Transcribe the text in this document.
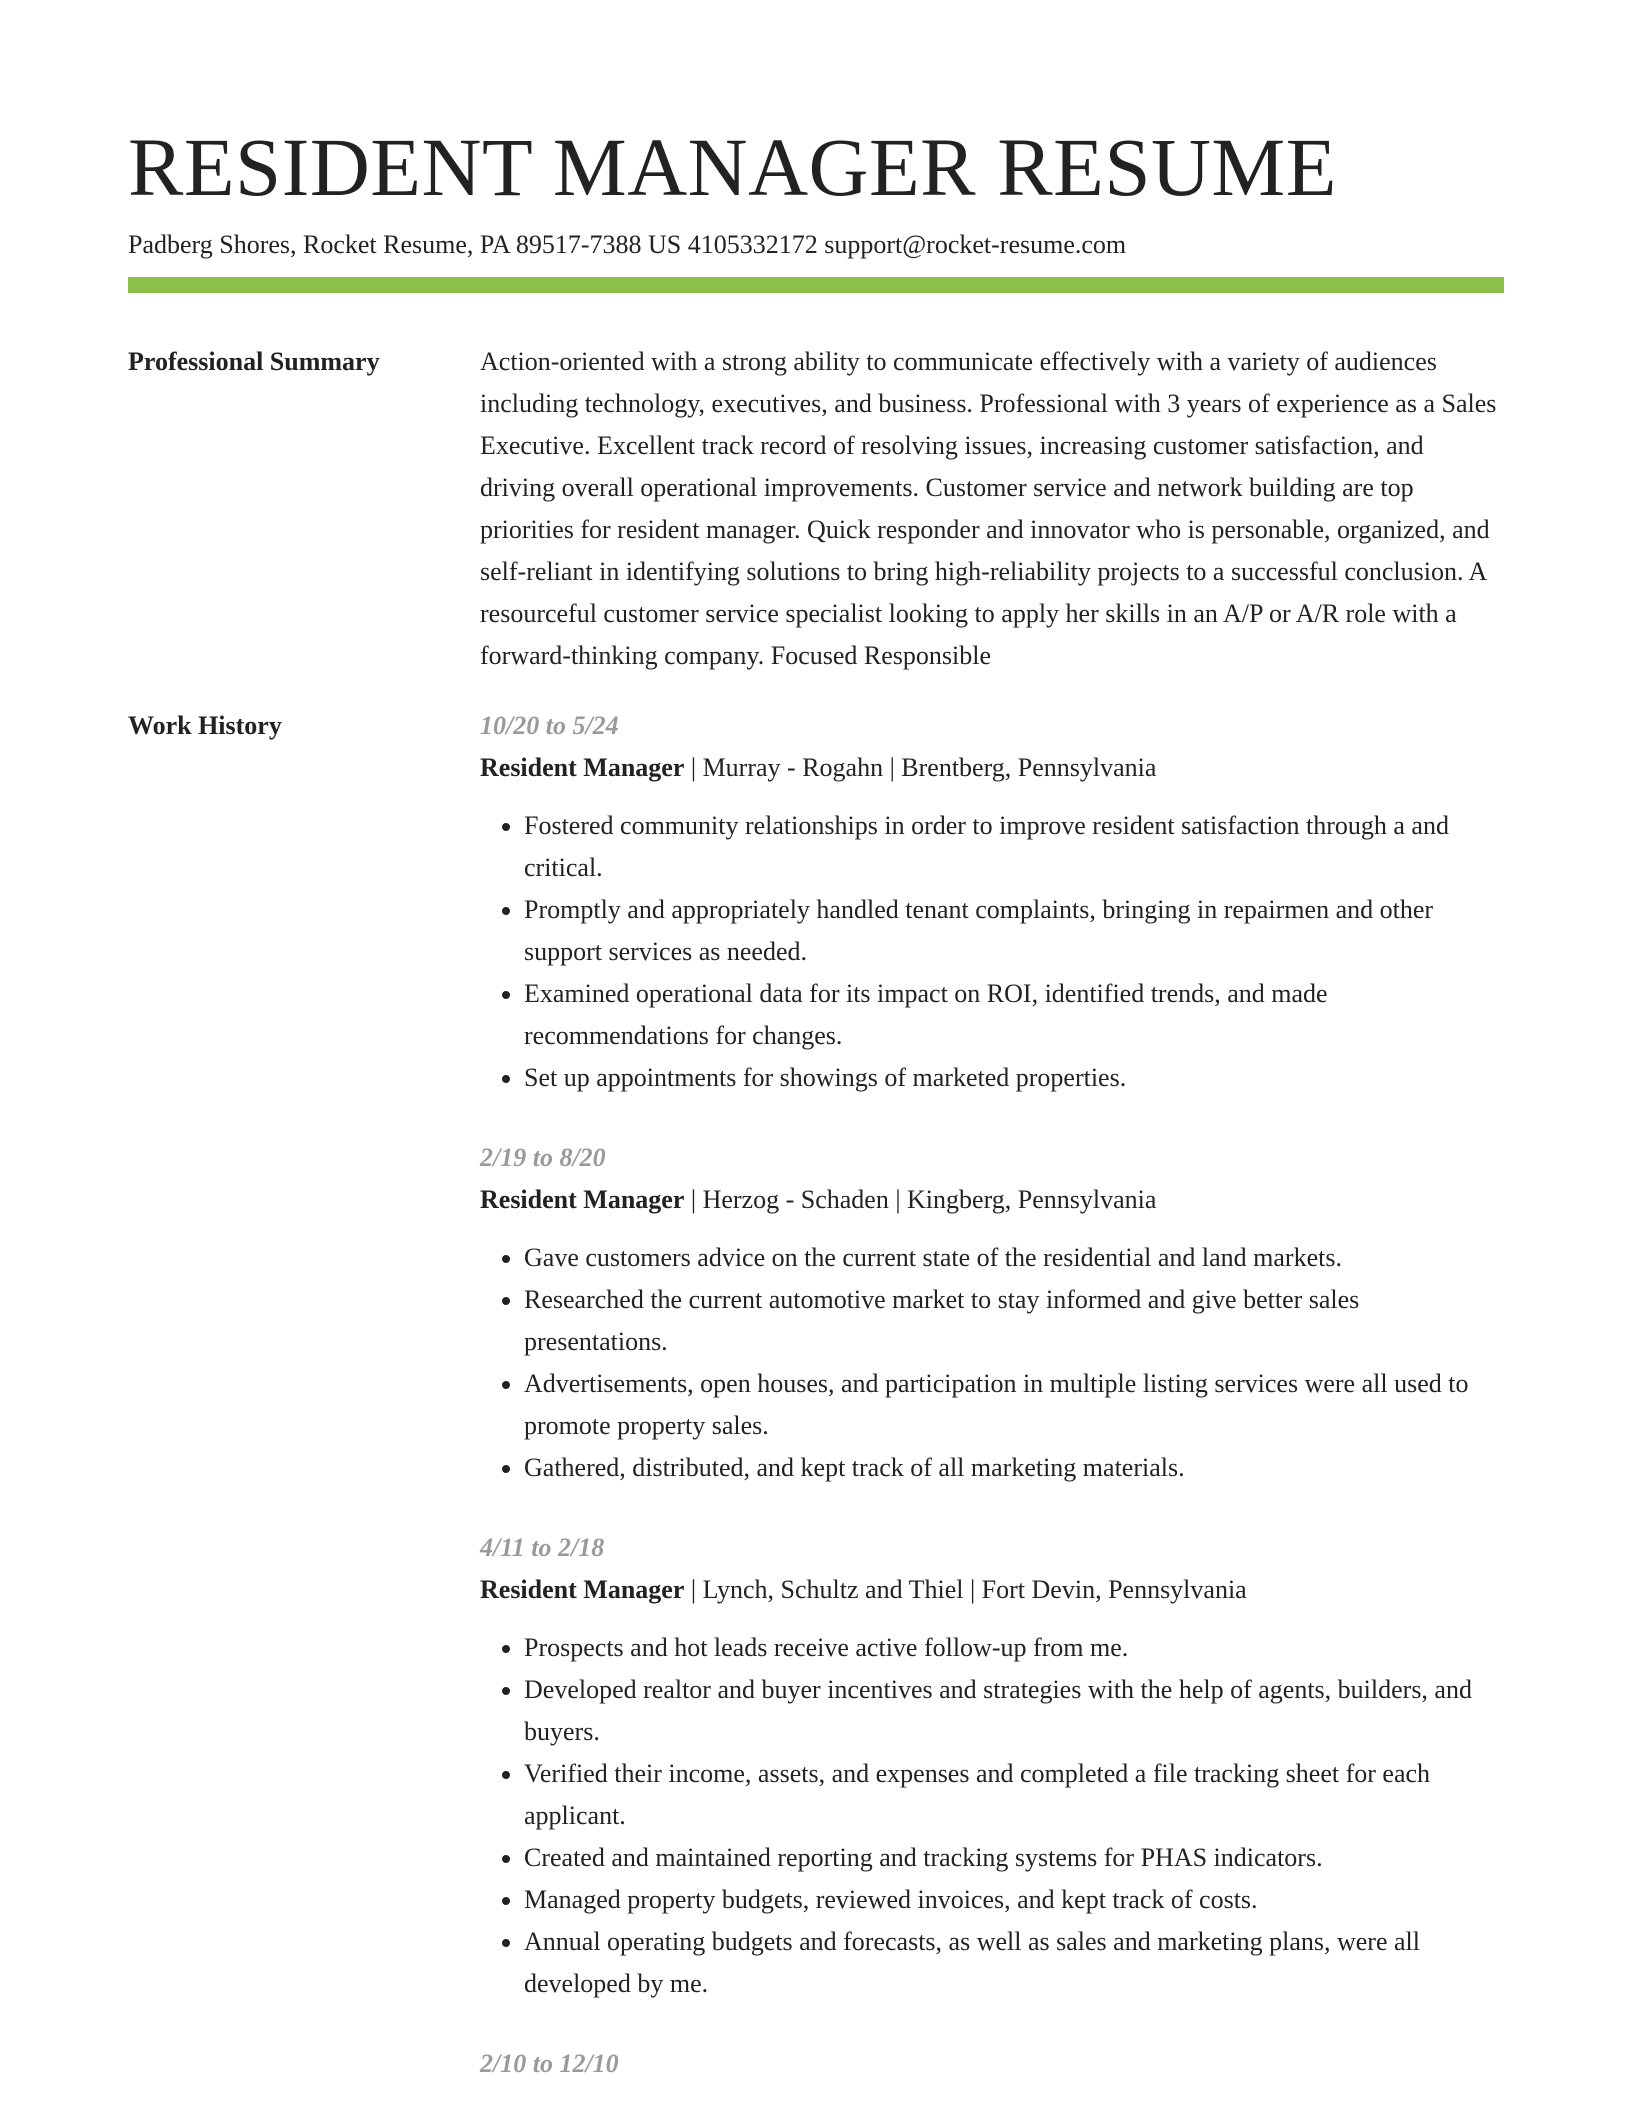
RESIDENT MANAGER RESUME
Padberg Shores, Rocket Resume, PA 89517-7388 US 4105332172 support@rocket-resume.com
Professional Summary	Action-oriented with a strong ability to communicate effectively with a variety of audiences including technology, executives, and business. Professional with 3 years of experience as a Sales Executive. Excellent track record of resolving issues, increasing customer satisfaction, and driving overall operational improvements. Customer service and network building are top priorities for resident manager. Quick responder and innovator who is personable, organized, and self-reliant in identifying solutions to bring high-reliability projects to a successful conclusion. A resourceful customer service specialist looking to apply her skills in an A/P or A/R role with a forward-thinking company. Focused Responsible
Work History	10/20 to 5/24
Resident Manager | Murray - Rogahn | Brentberg, Pennsylvania
• Fostered community relationships in order to improve resident satisfaction through a and critical.
• Promptly and appropriately handled tenant complaints, bringing in repairmen and other support services as needed.
• Examined operational data for its impact on ROI, identified trends, and made recommendations for changes.
• Set up appointments for showings of marketed properties.
2/19 to 8/20
Resident Manager | Herzog - Schaden | Kingberg, Pennsylvania
• Gave customers advice on the current state of the residential and land markets.
• Researched the current automotive market to stay informed and give better sales presentations.
• Advertisements, open houses, and participation in multiple listing services were all used to promote property sales.
• Gathered, distributed, and kept track of all marketing materials.
4/11 to 2/18
Resident Manager | Lynch, Schultz and Thiel | Fort Devin, Pennsylvania
• Prospects and hot leads receive active follow-up from me.
• Developed realtor and buyer incentives and strategies with the help of agents, builders, and buyers.
• Verified their income, assets, and expenses and completed a file tracking sheet for each applicant.
• Created and maintained reporting and tracking systems for PHAS indicators.
• Managed property budgets, reviewed invoices, and kept track of costs.
• Annual operating budgets and forecasts, as well as sales and marketing plans, were all developed by me.
2/10 to 12/10
